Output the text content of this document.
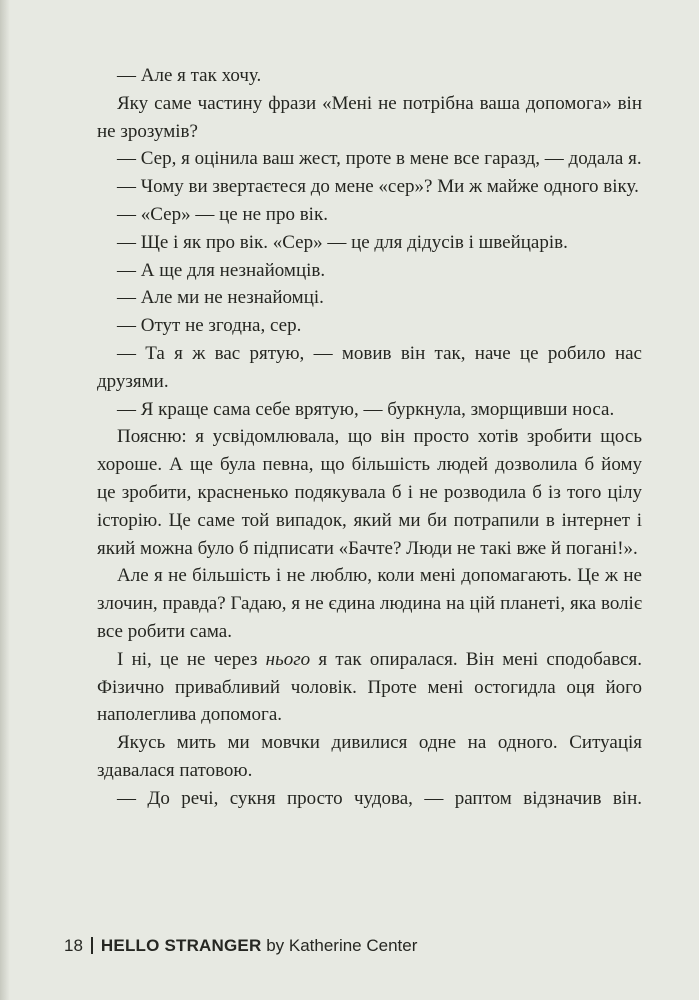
— Але я так хочу.

Яку саме частину фрази «Мені не потрібна ваша допомога» він не зрозумів?

— Сер, я оцінила ваш жест, проте в мене все гаразд, — додала я.

— Чому ви звертаєтеся до мене «сер»? Ми ж майже одного віку.

— «Сер» — це не про вік.

— Ще і як про вік. «Сер» — це для дідусів і швейцарів.

— А ще для незнайомців.

— Але ми не незнайомці.

— Отут не згодна, сер.

— Та я ж вас рятую, — мовив він так, наче це робило нас друзями.

— Я краще сама себе врятую, — буркнула, зморщивши носа.

Поясню: я усвідомлювала, що він просто хотів зробити щось хороше. А ще була певна, що більшість людей дозволила б йому це зробити, красненько подякувала б і не розводила б із того цілу історію. Це саме той випадок, який ми би потрапили в інтернет і який можна було б підписати «Бачте? Люди не такі вже й погані!».

Але я не більшість і не люблю, коли мені допомагають. Це ж не злочин, правда? Гадаю, я не єдина людина на цій планеті, яка воліє все робити сама.

І ні, це не через нього я так опиралася. Він мені сподобався. Фізично привабливий чоловік. Проте мені остогидла оця його наполеглива допомога.

Якусь мить ми мовчки дивилися одне на одного. Ситуація здавалася патовою.

— До речі, сукня просто чудова, — раптом відзначив він.

18 HELLO STRANGER by Katherine Center
